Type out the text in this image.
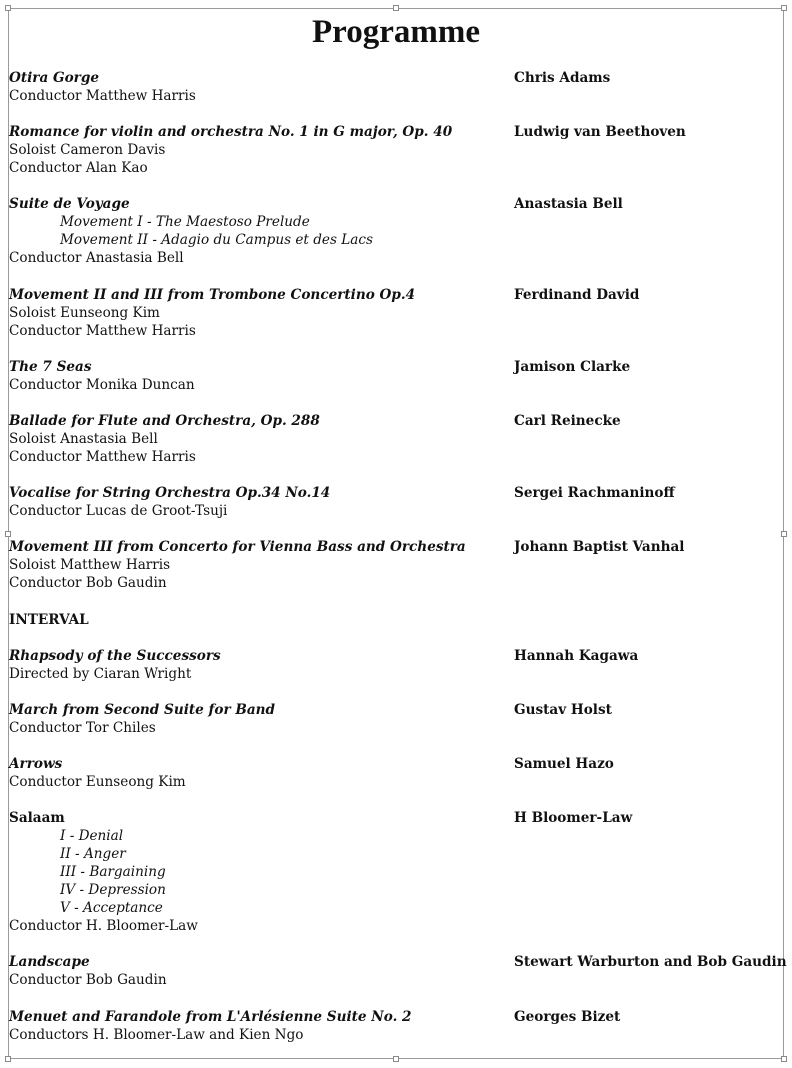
Programme
Otira Gorge	Chris Adams
Conductor Matthew Harris
Romance for violin and orchestra No. 1 in G major, Op. 40	Ludwig van Beethoven
Soloist Cameron Davis
Conductor Alan Kao
Suite de Voyage	Anastasia Bell
Movement I - The Maestoso Prelude
Movement II - Adagio du Campus et des Lacs
Conductor Anastasia Bell
Movement II and III from Trombone Concertino Op.4	Ferdinand David
Soloist Eunseong Kim
Conductor Matthew Harris
The 7 Seas	Jamison Clarke
Conductor Monika Duncan
Ballade for Flute and Orchestra, Op. 288	Carl Reinecke
Soloist Anastasia Bell
Conductor Matthew Harris
Vocalise for String Orchestra Op.34 No.14	Sergei Rachmaninoff
Conductor Lucas de Groot-Tsuji
Movement III from Concerto for Vienna Bass and Orchestra	Johann Baptist Vanhal
Soloist Matthew Harris
Conductor Bob Gaudin
INTERVAL
Rhapsody of the Successors	Hannah Kagawa
Directed by Ciaran Wright
March from Second Suite for Band	Gustav Holst
Conductor Tor Chiles
Arrows	Samuel Hazo
Conductor Eunseong Kim
Salaam	H Bloomer-Law
I - Denial
II - Anger
III - Bargaining
IV - Depression
V - Acceptance
Conductor H. Bloomer-Law
Landscape	Stewart Warburton and Bob Gaudin
Conductor Bob Gaudin
Menuet and Farandole from L'Arlésienne Suite No. 2	Georges Bizet
Conductors H. Bloomer-Law and Kien Ngo
